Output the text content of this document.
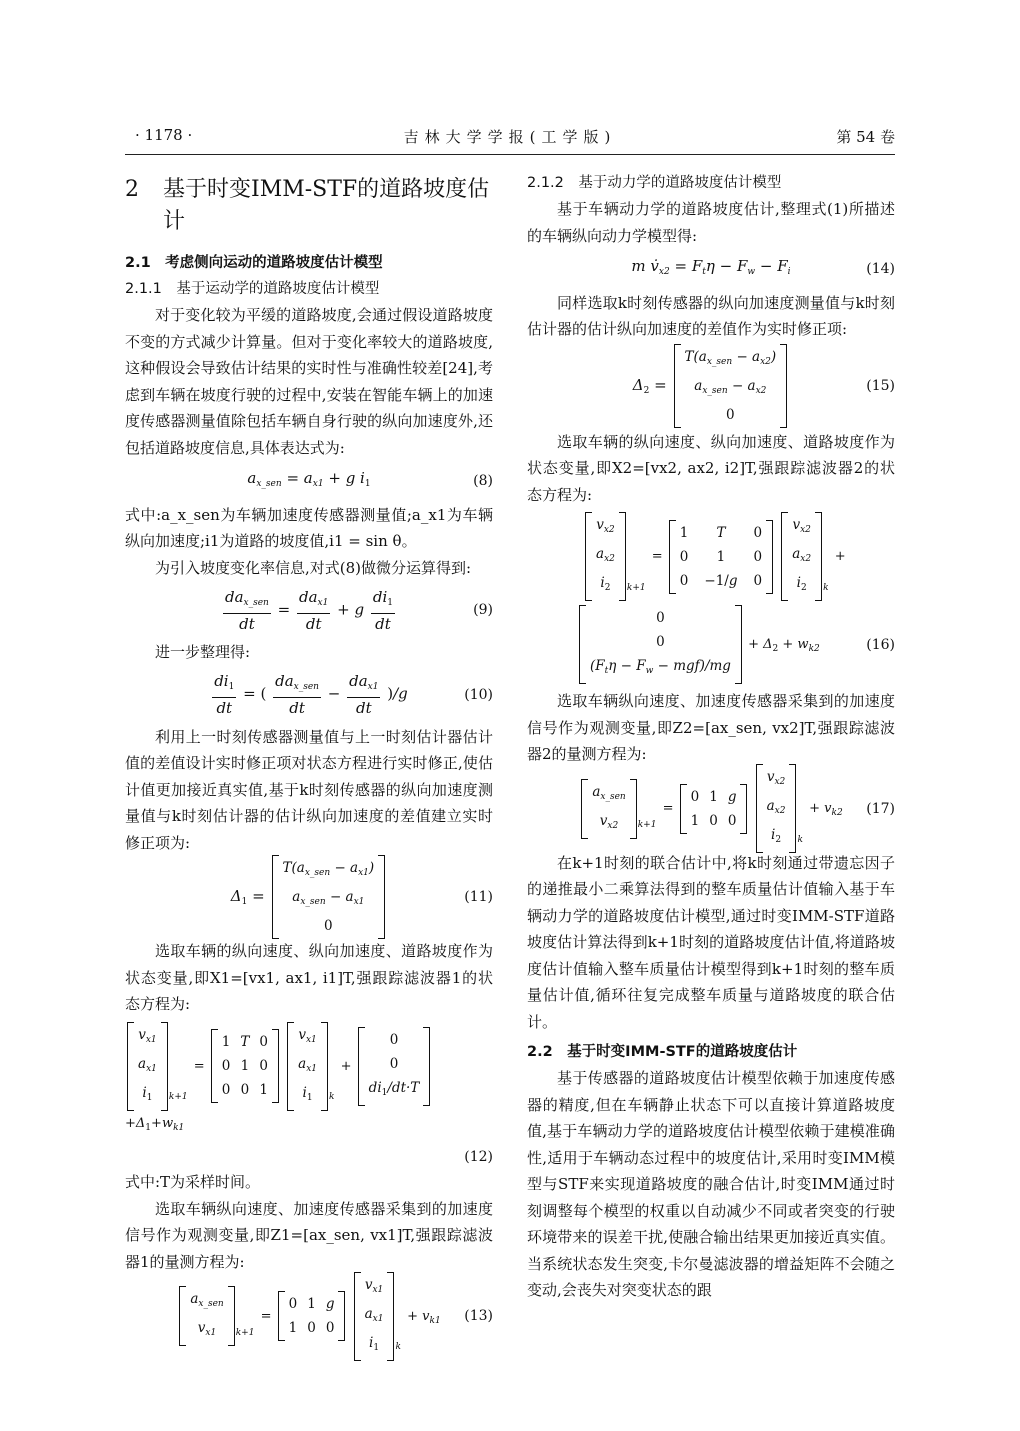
· 1178 ·	吉林大学学报(工学版)	第 54 卷
2	基于时变IMM-STF的道路坡度估计
2.1　考虑侧向运动的道路坡度估计模型
2.1.1　基于运动学的道路坡度估计模型

对于变化较为平缓的道路坡度,会通过假设道路坡度不变的方式减少计算量。但对于变化率较大的道路坡度,这种假设会导致估计结果的实时性与准确性较差[24],考虑到车辆在坡度行驶的过程中,安装在智能车辆上的加速度传感器测量值除包括车辆自身行驶的纵向加速度外,还包括道路坡度信息,具体表达式为:

$a_{x\_sen} = a_{x1} + g$ $i_1$	(8)

式中:a_x_sen为车辆加速度传感器测量值;a_x1为车辆纵向加速度;i1为道路的坡度值,i1 = sin θ。

为引入坡度变化率信息,对式(8)做微分运算得到:

$\frac{da_{x\_sen}}{dt} = \frac{da_{x1}}{dt} + g \frac{di_1}{dt}$	(9)

进一步整理得:

$\frac{di_1}{dt}$ = ( $\frac{da_{x\_sen}}{dt} - \frac{da_{x1}}{dt} )/g$	(10)

利用上一时刻传感器测量值与上一时刻估计器估计值的差值设计实时修正项对状态方程进行实时修正,使估计值更加接近真实值,基于k时刻传感器的纵向加速度测量值与k时刻估计器的估计纵向加速度的差值建立实时修正项为:

$\Delta_1$ =
$T(a_{x\_sen} - a_{x1})$
$a_{x\_sen} - a_{x1}$
0
(11)

选取车辆的纵向速度、纵向加速度、道路坡度作为状态变量,即X1=[vx1, ax1, i1]T,强跟踪滤波器1的状态方程为:

$v_{x1}$
$a_{x1}$
$i_1$	k+1
=
1 T 0
0 1 0
0 0 1

$v_{x1}$
$a_{x1}$
$i_1$	k
+
0
0
$di_1/dt\cdot T$
$+\Delta_1+w_{k1}$
(12)

式中:T为采样时间。

选取车辆纵向速度、加速度传感器采集到的加速度信号作为观测变量,即Z1=[ax_sen, vx1]T,强跟踪滤波器1的量测方程为:

$a_{x\_sen}$
$v_{x1}$	k+1
=
0 1 g
1 0 0

$v_{x1}$
$a_{x1}$
$i_1$	k
+ $v_{k1}$ (13)
2.1.2　基于动力学的道路坡度估计模型

基于车辆动力学的道路坡度估计,整理式(1)所描述的车辆纵向动力学模型得:

m $v̇_{x2} = F_t\eta - F_w - F_i$	(14)

同样选取k时刻传感器的纵向加速度测量值与k时刻估计器的估计纵向加速度的差值作为实时修正项:

$\Delta_2$ =
$T(a_{x\_sen} - a_{x2})$
$a_{x\_sen} - a_{x2}$
0
(15)

选取车辆的纵向速度、纵向加速度、道路坡度作为状态变量,即X2=[vx2, ax2, i2]T,强跟踪滤波器2的状态方程为:

$v_{x2}$
$a_{x2}$
$i_2$	k+1
=
1	T	0
0	1	0
0 −1/g 0

$v_{x2}$
$a_{x2}$
$i_2$	k
+
0
0
$(F_t\eta - F_w - mgf)/mg$
+ $\Delta_2 + w_{k2}$	(16)

选取车辆纵向速度、加速度传感器采集到的加速度信号作为观测变量,即Z2=[ax_sen, vx2]T,强跟踪滤波器2的量测方程为:

$a_{x\_sen}$
$v_{x2}$	k+1
=
0 1 g
1 0 0

$v_{x2}$
$a_{x2}$
$i_2$	k
+ $v_{k2}$ (17)

在k+1时刻的联合估计中,将k时刻通过带遗忘因子的递推最小二乘算法得到的整车质量估计值输入基于车辆动力学的道路坡度估计模型,通过时变IMM-STF道路坡度估计算法得到k+1时刻的道路坡度估计值,将道路坡度估计值输入整车质量估计模型得到k+1时刻的整车质量估计值,循环往复完成整车质量与道路坡度的联合估计。

2.2　基于时变IMM-STF的道路坡度估计

基于传感器的道路坡度估计模型依赖于加速度传感器的精度,但在车辆静止状态下可以直接计算道路坡度值,基于车辆动力学的道路坡度估计模型依赖于建模准确性,适用于车辆动态过程中的坡度估计,采用时变IMM模型与STF来实现道路坡度的融合估计,时变IMM通过时刻调整每个模型的权重以自动减少不同或者突变的行驶环境带来的误差干扰,使融合输出结果更加接近真实值。当系统状态发生突变,卡尔曼滤波器的增益矩阵不会随之变动,会丧失对突变状态的跟
